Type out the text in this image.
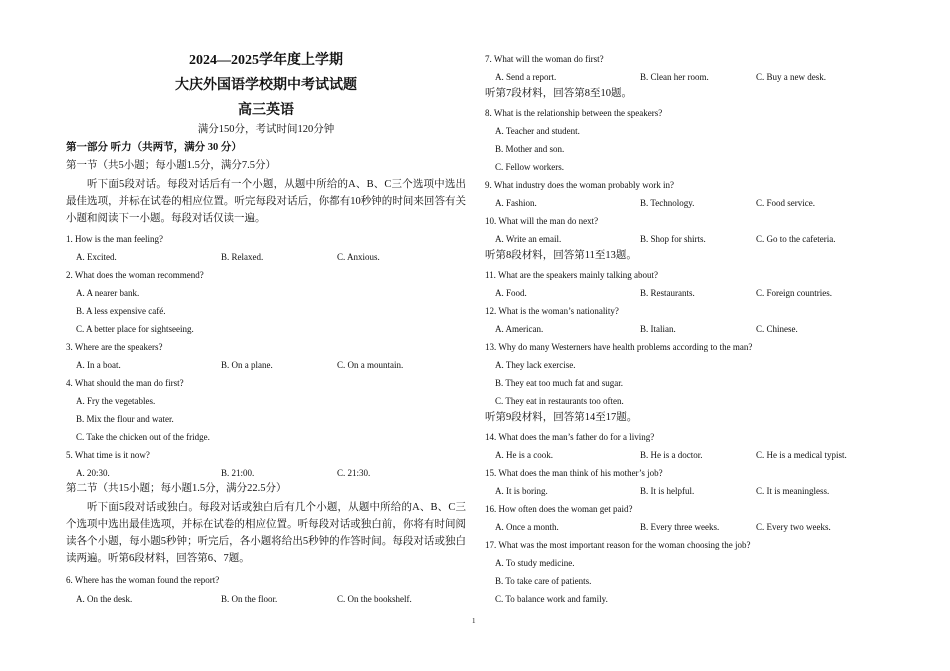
2024—2025学年度上学期
大庆外国语学校期中考试试题
高三英语
满分150分，考试时间120分钟
第一部分 听力（共两节，满分 30 分）
第一节（共5小题；每小题1.5分，满分7.5分）
听下面5段对话。每段对话后有一个小题，从题中所给的A、B、C三个选项中选出最佳选项，并标在试卷的相应位置。听完每段对话后，你都有10秒钟的时间来回答有关小题和阅读下一小题。每段对话仅读一遍。
1. How is the man feeling?
A. Excited.	B. Relaxed.	C. Anxious.
2. What does the woman recommend?
A. A nearer bank.
B. A less expensive café.
C. A better place for sightseeing.
3. Where are the speakers?
A. In a boat.	B. On a plane.	C. On a mountain.
4. What should the man do first?
A. Fry the vegetables.
B. Mix the flour and water.
C. Take the chicken out of the fridge.
5. What time is it now?
A. 20:30.	B. 21:00.	C. 21:30.
第二节（共15小题；每小题1.5分，满分22.5分）
听下面5段对话或独白。每段对话或独白后有几个小题，从题中所给的A、B、C三个选项中选出最佳选项，并标在试卷的相应位置。听每段对话或独白前，你将有时间阅读各个小题，每小题5秒钟；听完后，各小题将给出5秒钟的作答时间。每段对话或独白读两遍。听第6段材料，回答第6、7题。
6. Where has the woman found the report?
A. On the desk.	B. On the floor.	C. On the bookshelf.
7. What will the woman do first?
A. Send a report.	B. Clean her room.	C. Buy a new desk.
听第7段材料，回答第8至10题。
8. What is the relationship between the speakers?
A. Teacher and student.
B. Mother and son.
C. Fellow workers.
9. What industry does the woman probably work in?
A. Fashion.	B. Technology.	C. Food service.
10. What will the man do next?
A. Write an email.	B. Shop for shirts.	C. Go to the cafeteria.
听第8段材料，回答第11至13题。
11. What are the speakers mainly talking about?
A. Food.	B. Restaurants.	C. Foreign countries.
12. What is the woman’s nationality?
A. American.	B. Italian.	C. Chinese.
13. Why do many Westerners have health problems according to the man?
A. They lack exercise.
B. They eat too much fat and sugar.
C. They eat in restaurants too often.
听第9段材料，回答第14至17题。
14. What does the man’s father do for a living?
A. He is a cook.	B. He is a doctor.	C. He is a medical typist.
15. What does the man think of his mother’s job?
A. It is boring.	B. It is helpful.	C. It is meaningless.
16. How often does the woman get paid?
A. Once a month.	B. Every three weeks.	C. Every two weeks.
17. What was the most important reason for the woman choosing the job?
A. To study medicine.
B. To take care of patients.
C. To balance work and family.
1
